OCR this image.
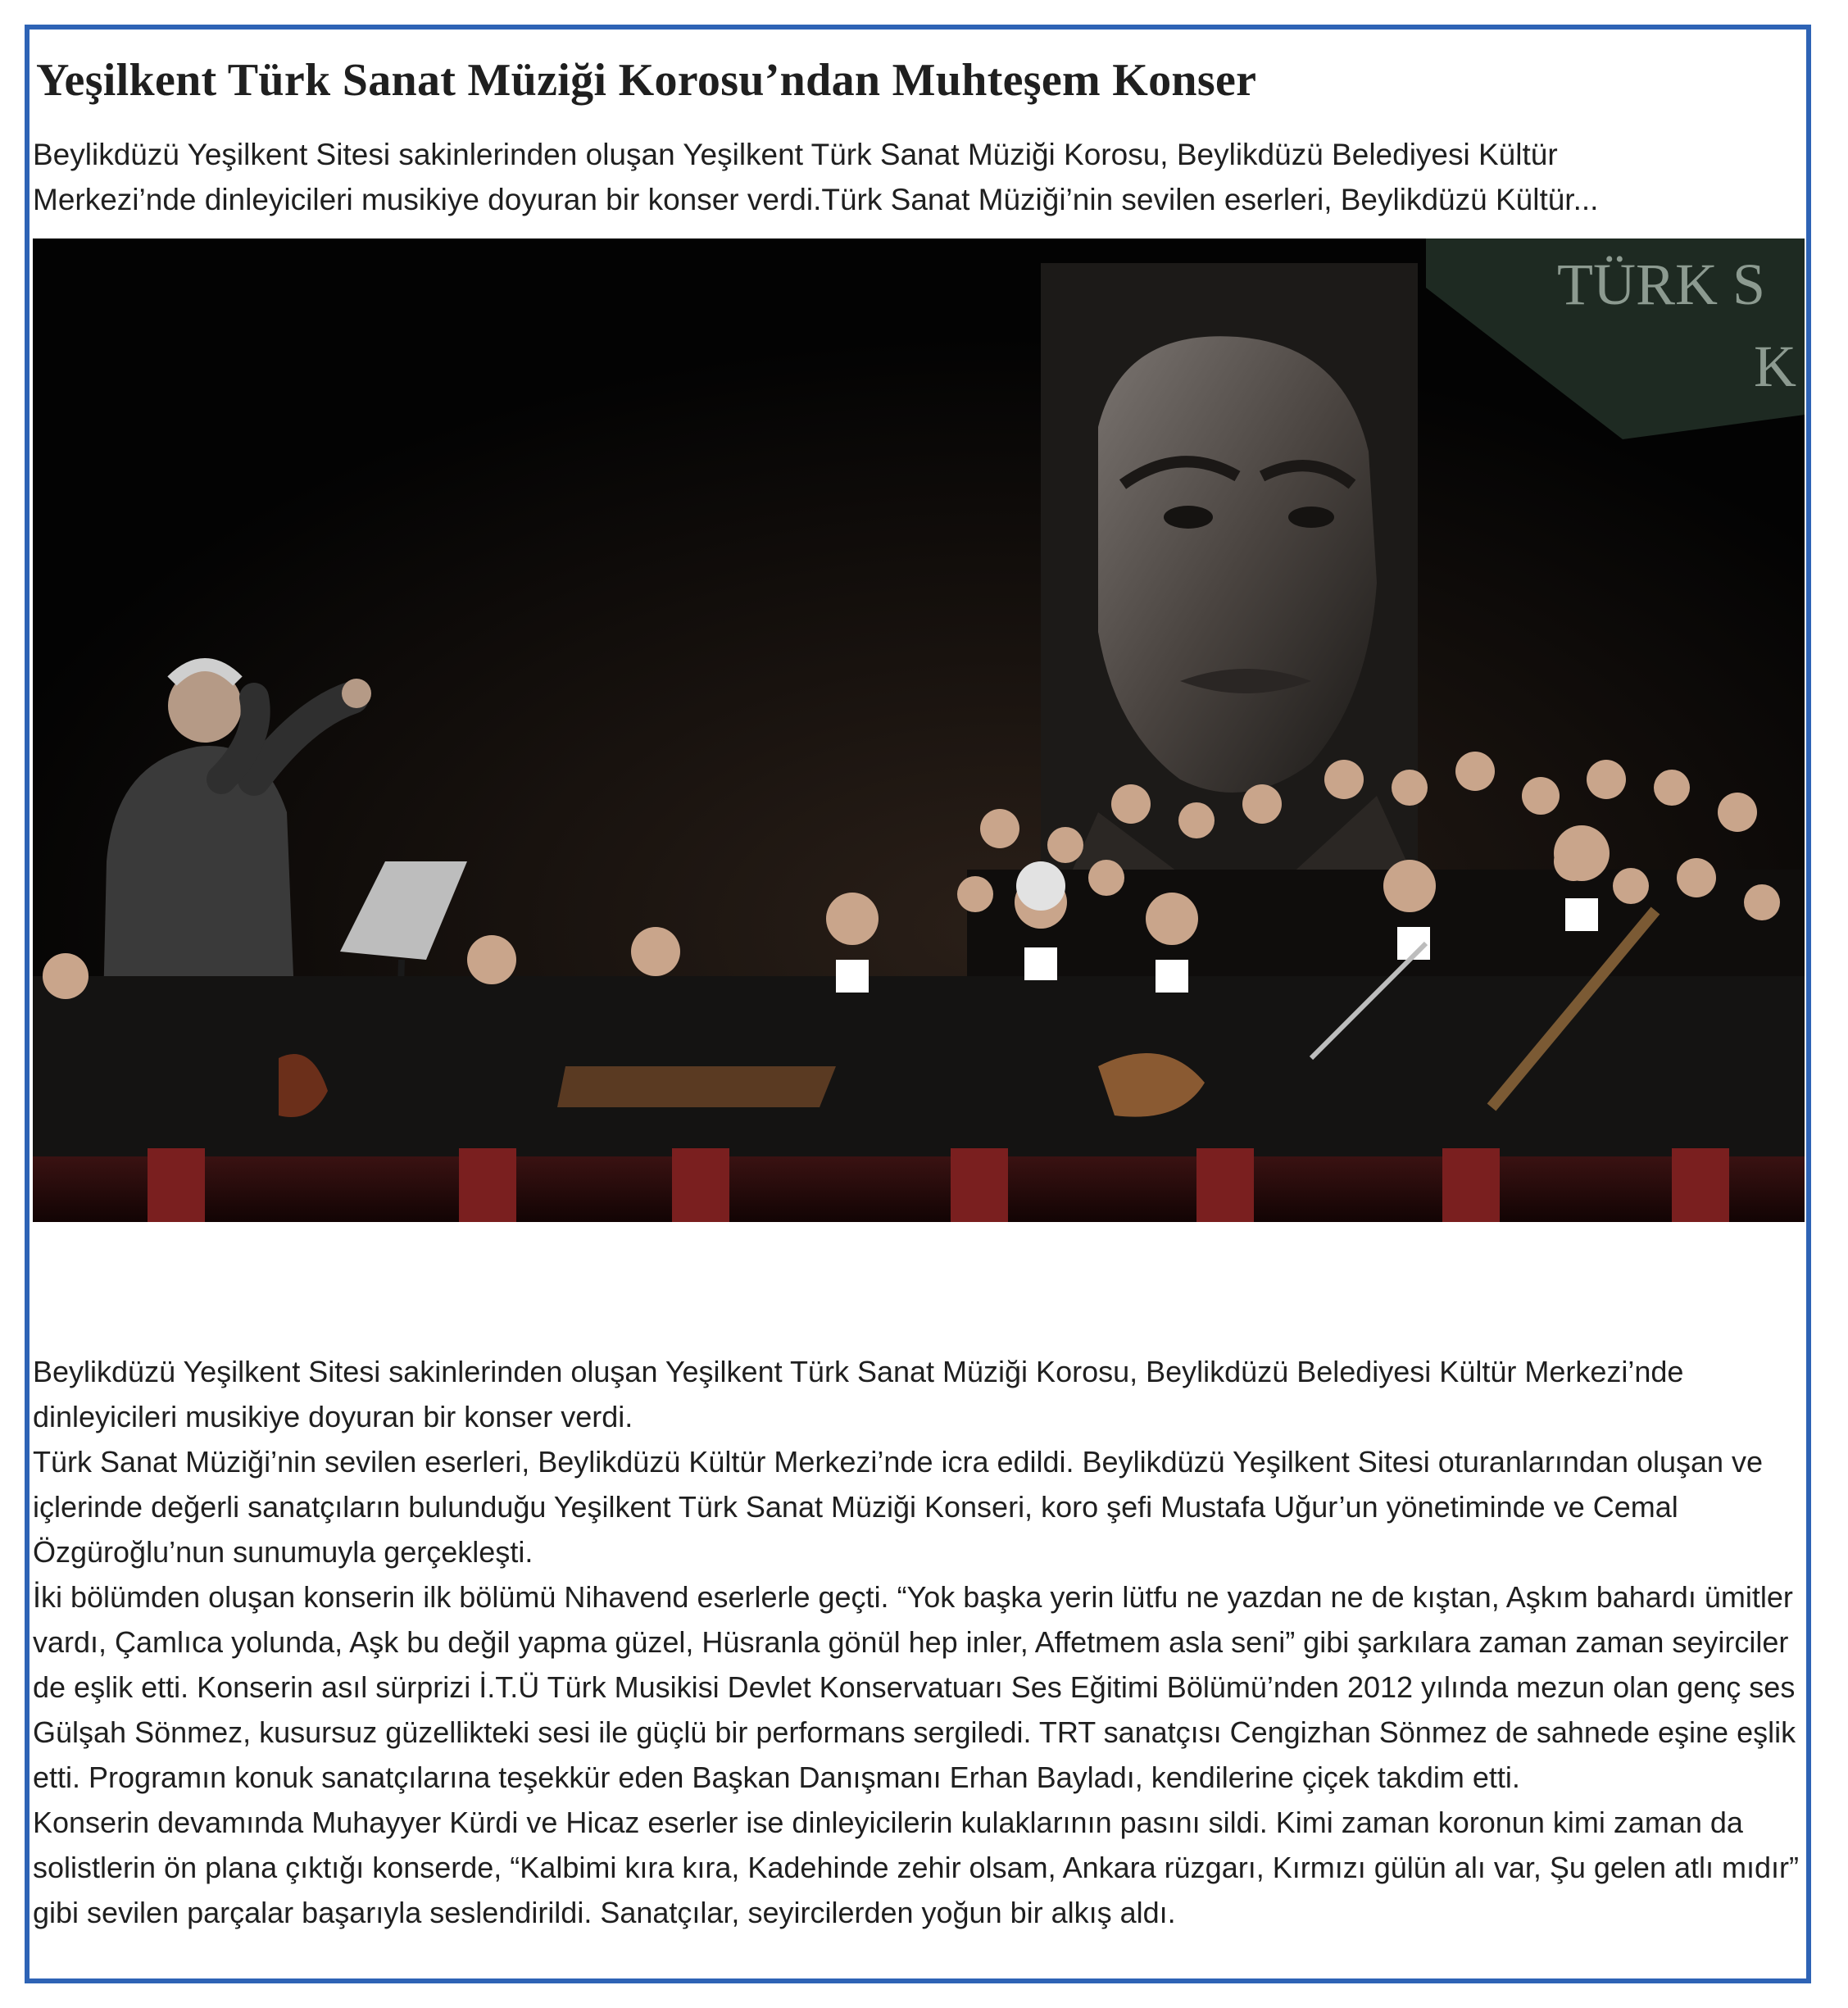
Yeşilkent Türk Sanat Müziği Korosu’ndan Muhteşem Konser

Beylikdüzü Yeşilkent Sitesi sakinlerinden oluşan Yeşilkent Türk Sanat Müziği Korosu, Beylikdüzü Belediyesi Kültür
Merkezi’nde dinleyicileri musikiye doyuran bir konser verdi.Türk Sanat Müziği’nin sevilen eserleri, Beylikdüzü Kültür...

TÜRK S
K

Beylikdüzü Yeşilkent Sitesi sakinlerinden oluşan Yeşilkent Türk Sanat Müziği Korosu, Beylikdüzü Belediyesi Kültür Merkezi’nde dinleyicileri musikiye doyuran bir konser verdi.

Türk Sanat Müziği’nin sevilen eserleri, Beylikdüzü Kültür Merkezi’nde icra edildi. Beylikdüzü Yeşilkent Sitesi oturanlarından oluşan ve içlerinde değerli sanatçıların bulunduğu Yeşilkent Türk Sanat Müziği Konseri, koro şefi Mustafa Uğur’un yönetiminde ve Cemal Özgüroğlu’nun sunumuyla gerçekleşti.

İki bölümden oluşan konserin ilk bölümü Nihavend eserlerle geçti. “Yok başka yerin lütfu ne yazdan ne de kıştan, Aşkım bahardı ümitler vardı, Çamlıca yolunda, Aşk bu değil yapma güzel, Hüsranla gönül hep inler, Affetmem asla seni” gibi şarkılara zaman zaman seyirciler de eşlik etti. Konserin asıl sürprizi İ.T.Ü Türk Musikisi Devlet Konservatuarı Ses Eğitimi Bölümü’nden 2012 yılında mezun olan genç ses Gülşah Sönmez, kusursuz güzellikteki sesi ile güçlü bir performans sergiledi. TRT sanatçısı Cengizhan Sönmez de sahnede eşine eşlik etti. Programın konuk sanatçılarına teşekkür eden Başkan Danışmanı Erhan Bayladı, kendilerine çiçek takdim etti.

Konserin devamında Muhayyer Kürdi ve Hicaz eserler ise dinleyicilerin kulaklarının pasını sildi. Kimi zaman koronun kimi zaman da solistlerin ön plana çıktığı konserde, “Kalbimi kıra kıra, Kadehinde zehir olsam, Ankara rüzgarı, Kırmızı gülün alı var, Şu gelen atlı mıdır” gibi sevilen parçalar başarıyla seslendirildi. Sanatçılar, seyircilerden yoğun bir alkış aldı.
